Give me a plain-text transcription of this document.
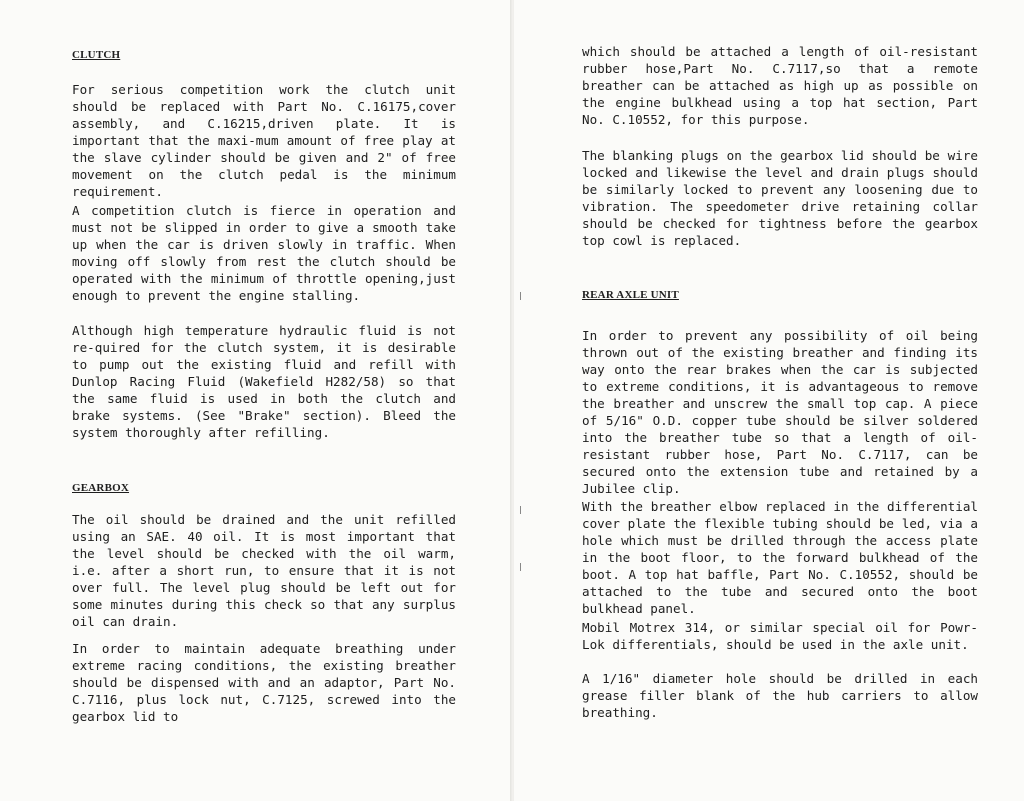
CLUTCH

For serious competition work the clutch unit should be replaced with Part No. C.16175,cover assembly, and C.16215,driven plate. It is important that the maxi-mum amount of free play at the slave cylinder should be given and 2" of free movement on the clutch pedal is the minimum requirement.

A competition clutch is fierce in operation and must not be slipped in order to give a smooth take up when the car is driven slowly in traffic. When moving off slowly from rest the clutch should be operated with the minimum of throttle opening,just enough to prevent the engine stalling.

Although high temperature hydraulic fluid is not re-quired for the clutch system, it is desirable to pump out the existing fluid and refill with Dunlop Racing Fluid (Wakefield H282/58) so that the same fluid is used in both the clutch and brake systems. (See "Brake" section). Bleed the system thoroughly after refilling.

GEARBOX

The oil should be drained and the unit refilled using an SAE. 40 oil. It is most important that the level should be checked with the oil warm, i.e. after a short run, to ensure that it is not over full. The level plug should be left out for some minutes during this check so that any surplus oil can drain.

In order to maintain adequate breathing under extreme racing conditions, the existing breather should be dispensed with and an adaptor, Part No. C.7116, plus lock nut, C.7125, screwed into the gearbox lid to

which should be attached a length of oil-resistant rubber hose,Part No. C.7117,so that a remote breather can be attached as high up as possible on the engine bulkhead using a top hat section, Part No. C.10552, for this purpose.

The blanking plugs on the gearbox lid should be wire locked and likewise the level and drain plugs should be similarly locked to prevent any loosening due to vibration. The speedometer drive retaining collar should be checked for tightness before the gearbox top cowl is replaced.

REAR AXLE UNIT

In order to prevent any possibility of oil being thrown out of the existing breather and finding its way onto the rear brakes when the car is subjected to extreme conditions, it is advantageous to remove the breather and unscrew the small top cap. A piece of 5/16" O.D. copper tube should be silver soldered into the breather tube so that a length of oil-resistant rubber hose, Part No. C.7117, can be secured onto the extension tube and retained by a Jubilee clip.

With the breather elbow replaced in the differential cover plate the flexible tubing should be led, via a hole which must be drilled through the access plate in the boot floor, to the forward bulkhead of the boot. A top hat baffle, Part No. C.10552, should be attached to the tube and secured onto the boot bulkhead panel.

Mobil Motrex 314, or similar special oil for Powr-Lok differentials, should be used in the axle unit.

A 1/16" diameter hole should be drilled in each grease filler blank of the hub carriers to allow breathing.
